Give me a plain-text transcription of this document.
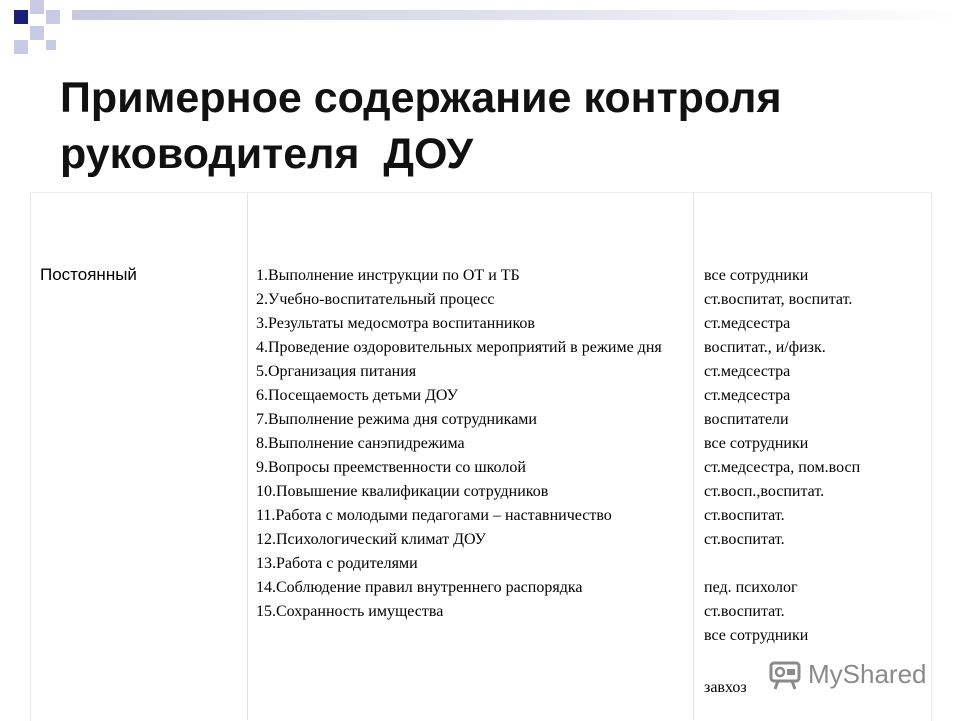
Примерное содержание контроля
руководителя  ДОУ
Постоянный	1.Выполнение инструкции по ОТ и ТБ
2.Учебно-воспитательный процесс
3.Результаты медосмотра воспитанников
4.Проведение оздоровительных мероприятий в режиме дня
5.Организация питания
6.Посещаемость детьми ДОУ
7.Выполнение режима дня сотрудниками
8.Выполнение санэпидрежима
9.Вопросы преемственности со школой
10.Повышение квалификации сотрудников
11.Работа с молодыми педагогами – наставничество
12.Психологический климат ДОУ
13.Работа с родителями
14.Соблюдение правил внутреннего распорядка
15.Сохранность имущества
все сотрудники
ст.воспитат, воспитат.
ст.медсестра
воспитат., и/физк.
ст.медсестра
ст.медсестра
воспитатели
все сотрудники
ст.медсестра, пом.восп
ст.восп.,воспитат.
ст.воспитат.
ст.воспитат.
пед. психолог
ст.воспитат.
все сотрудники
завхоз	MyShared
